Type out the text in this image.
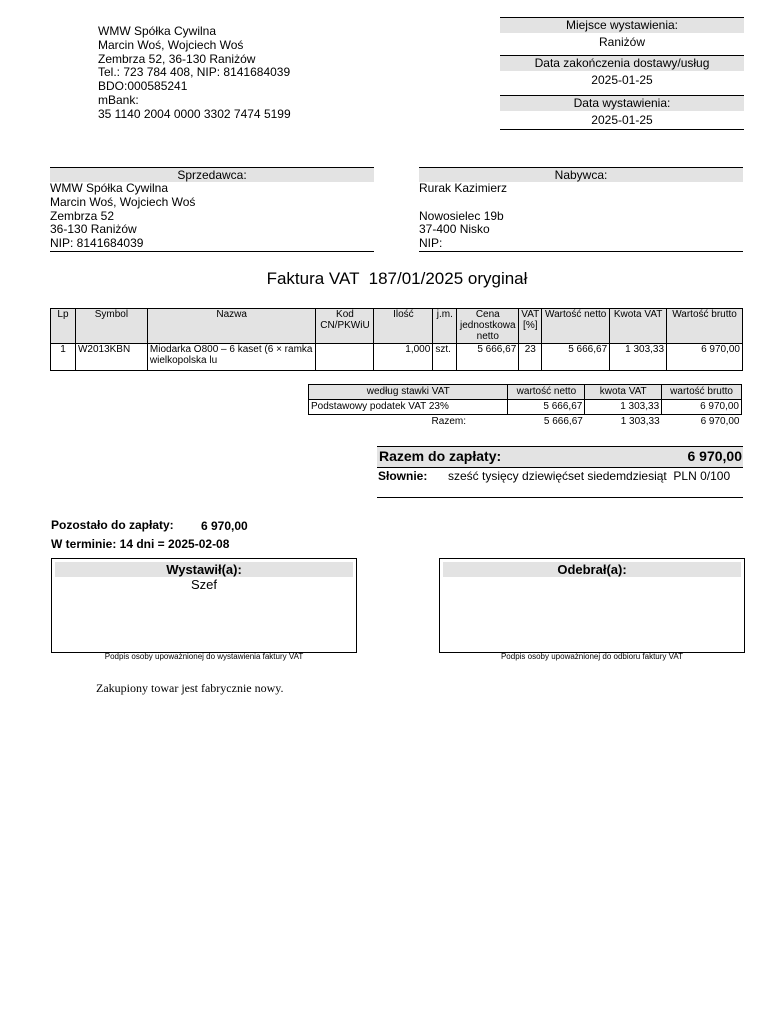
WMW Spółka Cywilna
Marcin Woś, Wojciech Woś
Zembrza 52, 36-130 Raniżów
Tel.: 723 784 408, NIP: 8141684039
BDO:000585241
mBank:
35 1140 2004 0000 3302 7474 5199
Miejsce wystawienia:
Raniżów
Data zakończenia dostawy/usług
2025-01-25
Data wystawienia:
2025-01-25
Sprzedawca:
WMW Spółka Cywilna
Marcin Woś, Wojciech Woś
Zembrza 52
36-130 Raniżów
NIP: 8141684039
Nabywca:
Rurak Kazimierz
Nowosielec 19b
37-400 Nisko
NIP:
Faktura VAT  187/01/2025 oryginał
Lp	Symbol	Nazwa	Kod CN/PKWiU	Ilość	j.m.	Cena jednostkowa netto	VAT [%]	Wartość netto	Kwota VAT	Wartość brutto
1	W2013KBN	Miodarka O800 – 6 kaset (6 × ramka wielkopolska lu		1,000	szt.	5 666,67	23	5 666,67	1 303,33	6 970,00
według stawki VAT	wartość netto	kwota VAT	wartość brutto
Podstawowy podatek VAT 23%	5 666,67	1 303,33	6 970,00
Razem:	5 666,67	1 303,33	6 970,00
Razem do zapłaty:	6 970,00
Słownie: sześć tysięcy dziewięćset siedemdziesiąt  PLN 0/100
Pozostało do zapłaty: 6 970,00
W terminie: 14 dni = 2025-02-08
Wystawił(a):
Szef
Podpis osoby upoważnionej do wystawienia faktury VAT
Odebrał(a):
Podpis osoby upoważnionej do odbioru faktury VAT
Zakupiony towar jest fabrycznie nowy.
